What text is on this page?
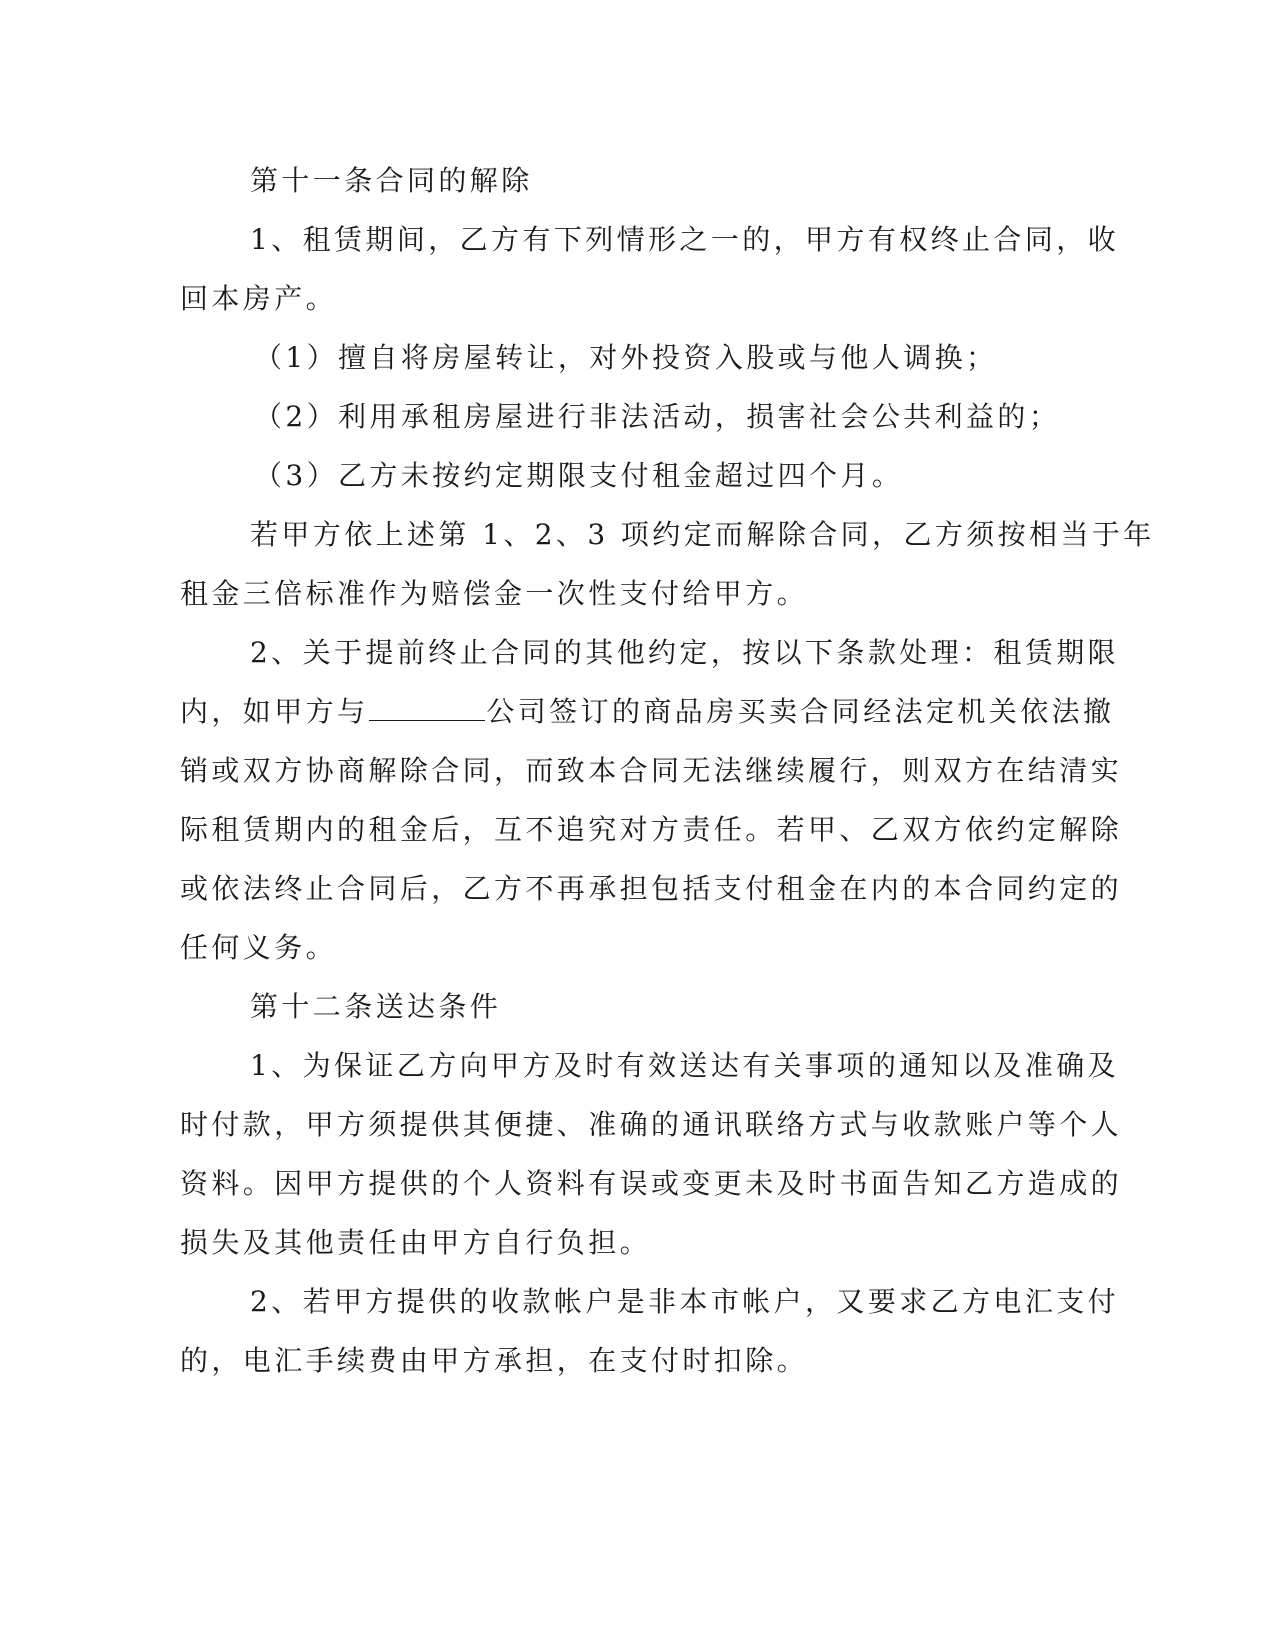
第十一条合同的解除

1、租赁期间，乙方有下列情形之一的，甲方有权终止合同，收

回本房产。

（1）擅自将房屋转让，对外投资入股或与他人调换；

（2）利用承租房屋进行非法活动，损害社会公共利益的；

（3）乙方未按约定期限支付租金超过四个月。

若甲方依上述第 1、2、3 项约定而解除合同，乙方须按相当于年

租金三倍标准作为赔偿金一次性支付给甲方。

2、关于提前终止合同的其他约定，按以下条款处理：租赁期限

内，如甲方与	公司签订的商品房买卖合同经法定机关依法撤

销或双方协商解除合同，而致本合同无法继续履行，则双方在结清实

际租赁期内的租金后，互不追究对方责任。若甲、乙双方依约定解除

或依法终止合同后，乙方不再承担包括支付租金在内的本合同约定的

任何义务。

第十二条送达条件

1、为保证乙方向甲方及时有效送达有关事项的通知以及准确及

时付款，甲方须提供其便捷、准确的通讯联络方式与收款账户等个人

资料。因甲方提供的个人资料有误或变更未及时书面告知乙方造成的

损失及其他责任由甲方自行负担。

2、若甲方提供的收款帐户是非本市帐户，又要求乙方电汇支付

的，电汇手续费由甲方承担，在支付时扣除。
